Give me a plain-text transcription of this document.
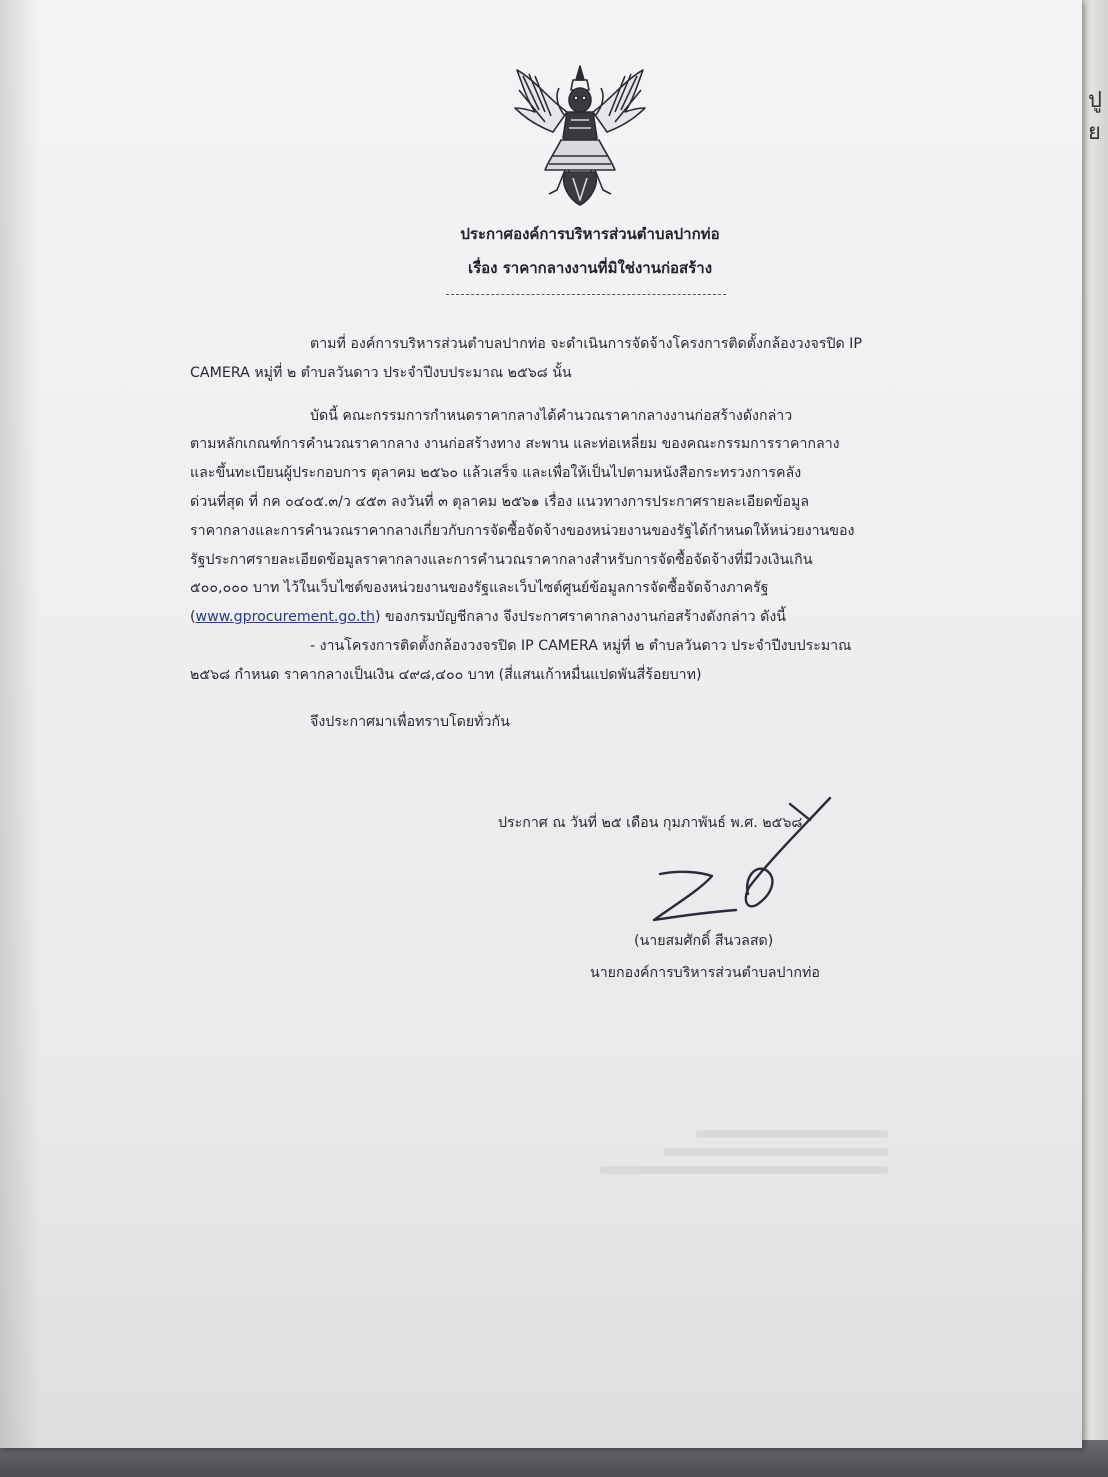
ปู
ย
ประกาศองค์การบริหารส่วนตำบลปากท่อ
เรื่อง ราคากลางงานที่มิใช่งานก่อสร้าง

ตามที่ องค์การบริหารส่วนตำบลปากท่อ จะดำเนินการจัดจ้างโครงการติดตั้งกล้องวงจรปิด IP
CAMERA หมู่ที่ ๒ ตำบลวันดาว ประจำปีงบประมาณ ๒๕๖๘ นั้น

บัดนี้ คณะกรรมการกำหนดราคากลางได้คำนวณราคากลางงานก่อสร้างดังกล่าว
ตามหลักเกณฑ์การคำนวณราคากลาง งานก่อสร้างทาง สะพาน และท่อเหลี่ยม ของคณะกรรมการราคากลาง
และขึ้นทะเบียนผู้ประกอบการ ตุลาคม ๒๕๖๐ แล้วเสร็จ และเพื่อให้เป็นไปตามหนังสือกระทรวงการคลัง
ด่วนที่สุด ที่ กค ๐๔๐๕.๓/ว ๔๕๓ ลงวันที่ ๓ ตุลาคม ๒๕๖๑ เรื่อง แนวทางการประกาศรายละเอียดข้อมูล
ราคากลางและการคำนวณราคากลางเกี่ยวกับการจัดซื้อจัดจ้างของหน่วยงานของรัฐได้กำหนดให้หน่วยงานของ
รัฐประกาศรายละเอียดข้อมูลราคากลางและการคำนวณราคากลางสำหรับการจัดซื้อจัดจ้างที่มีวงเงินเกิน
๕๐๐,๐๐๐ บาท ไว้ในเว็บไซต์ของหน่วยงานของรัฐและเว็บไซต์ศูนย์ข้อมูลการจัดซื้อจัดจ้างภาครัฐ
(www.gprocurement.go.th) ของกรมบัญชีกลาง จึงประกาศราคากลางงานก่อสร้างดังกล่าว ดังนี้

- งานโครงการติดตั้งกล้องวงจรปิด IP CAMERA หมู่ที่ ๒ ตำบลวันดาว ประจำปีงบประมาณ
๒๕๖๘ กำหนด ราคากลางเป็นเงิน ๔๙๘,๔๐๐ บาท (สี่แสนเก้าหมื่นแปดพันสี่ร้อยบาท)

จึงประกาศมาเพื่อทราบโดยทั่วกัน

ประกาศ ณ วันที่ ๒๕ เดือน กุมภาพันธ์ พ.ศ. ๒๕๖๘
(นายสมศักดิ์ สีนวลสด)
นายกองค์การบริหารส่วนตำบลปากท่อ
